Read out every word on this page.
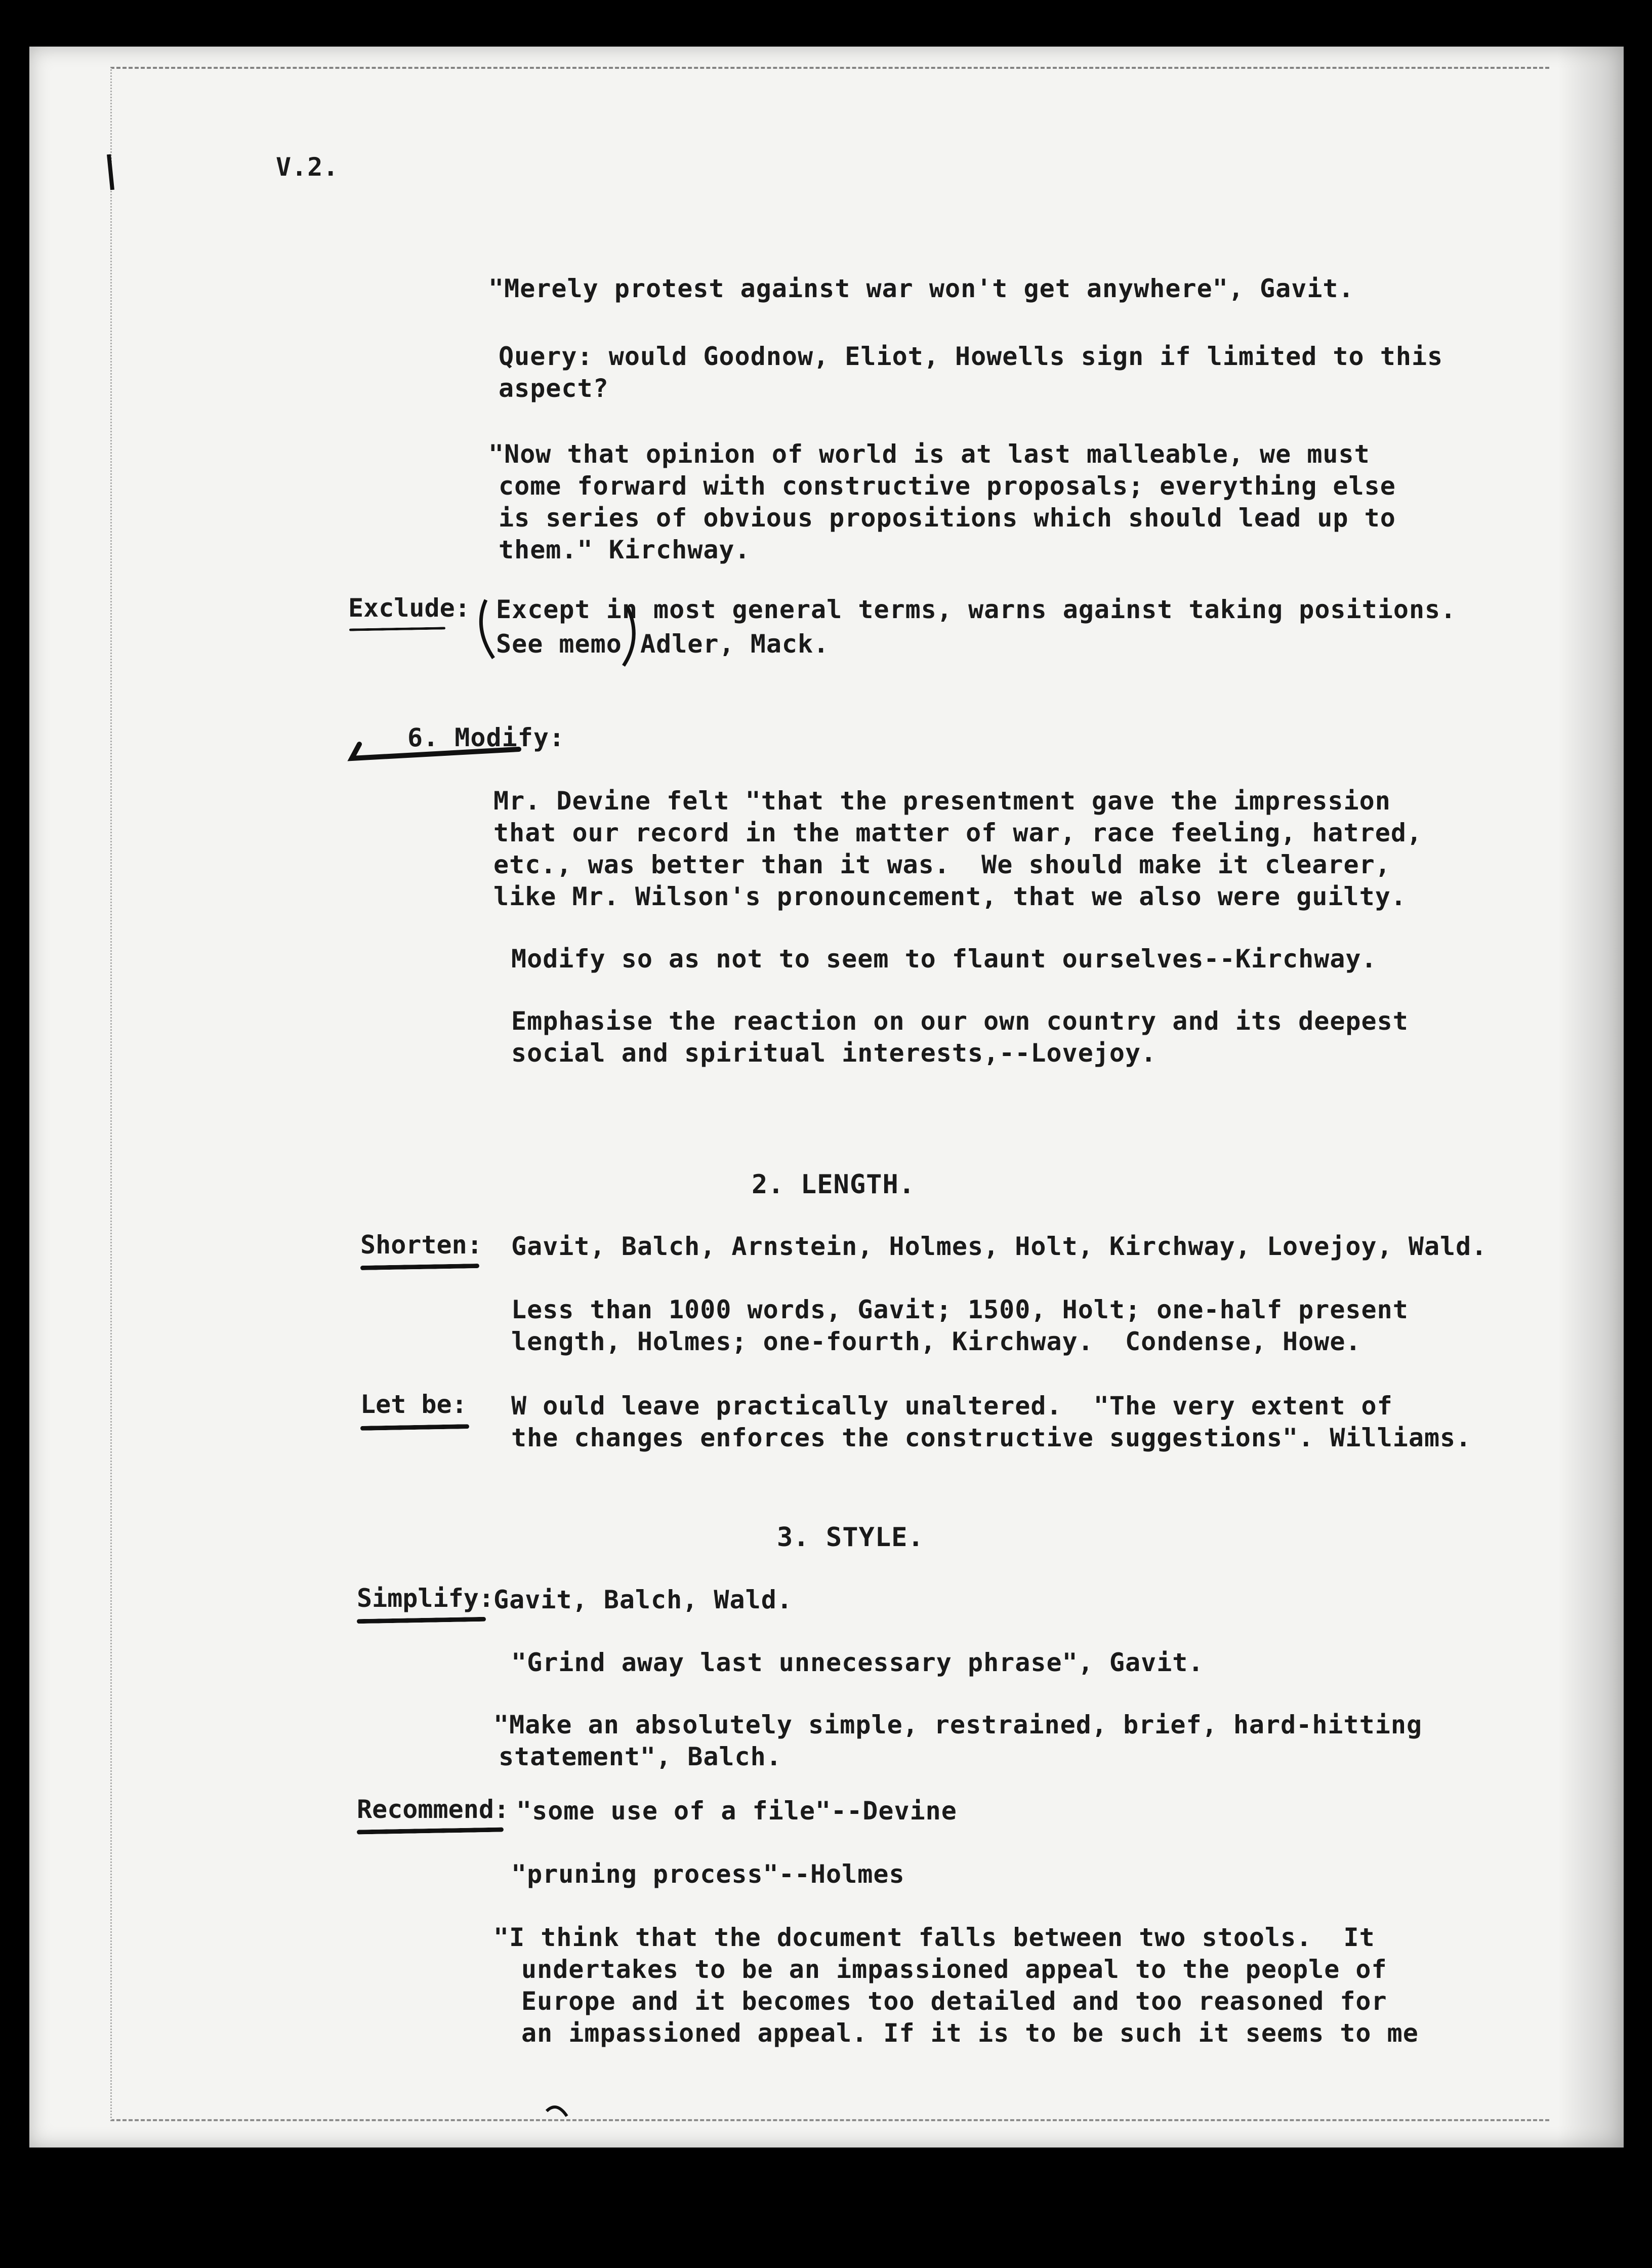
V.2.
"Merely protest against war won't get anywhere", Gavit.
Query: would Goodnow, Eliot, Howells sign if limited to this
aspect?
"Now that opinion of world is at last malleable, we must
come forward with constructive proposals; everything else
is series of obvious propositions which should lead up to
them." Kirchway.
Exclude: Except in most general terms, warns against taking positions.
See memo Adler, Mack.
6. Modify:
Mr. Devine felt "that the presentment gave the impression
that our record in the matter of war, race feeling, hatred,
etc., was better than it was.  We should make it clearer,
like Mr. Wilson's pronouncement, that we also were guilty.
Modify so as not to seem to flaunt ourselves--Kirchway.
Emphasise the reaction on our own country and its deepest
social and spiritual interests,--Lovejoy.
2. LENGTH.
Shorten: Gavit, Balch, Arnstein, Holmes, Holt, Kirchway, Lovejoy, Wald.
Less than 1000 words, Gavit; 1500, Holt; one-half present
length, Holmes; one-fourth, Kirchway.  Condense, Howe.
Let be: W ould leave practically unaltered.  "The very extent of
the changes enforces the constructive suggestions". Williams.
3. STYLE.
Simplify: Gavit, Balch, Wald.
"Grind away last unnecessary phrase", Gavit.
"Make an absolutely simple, restrained, brief, hard-hitting
statement", Balch.
Recommend: "some use of a file"--Devine
"pruning process"--Holmes
"I think that the document falls between two stools.  It
undertakes to be an impassioned appeal to the people of
Europe and it becomes too detailed and too reasoned for
an impassioned appeal. If it is to be such it seems to me
